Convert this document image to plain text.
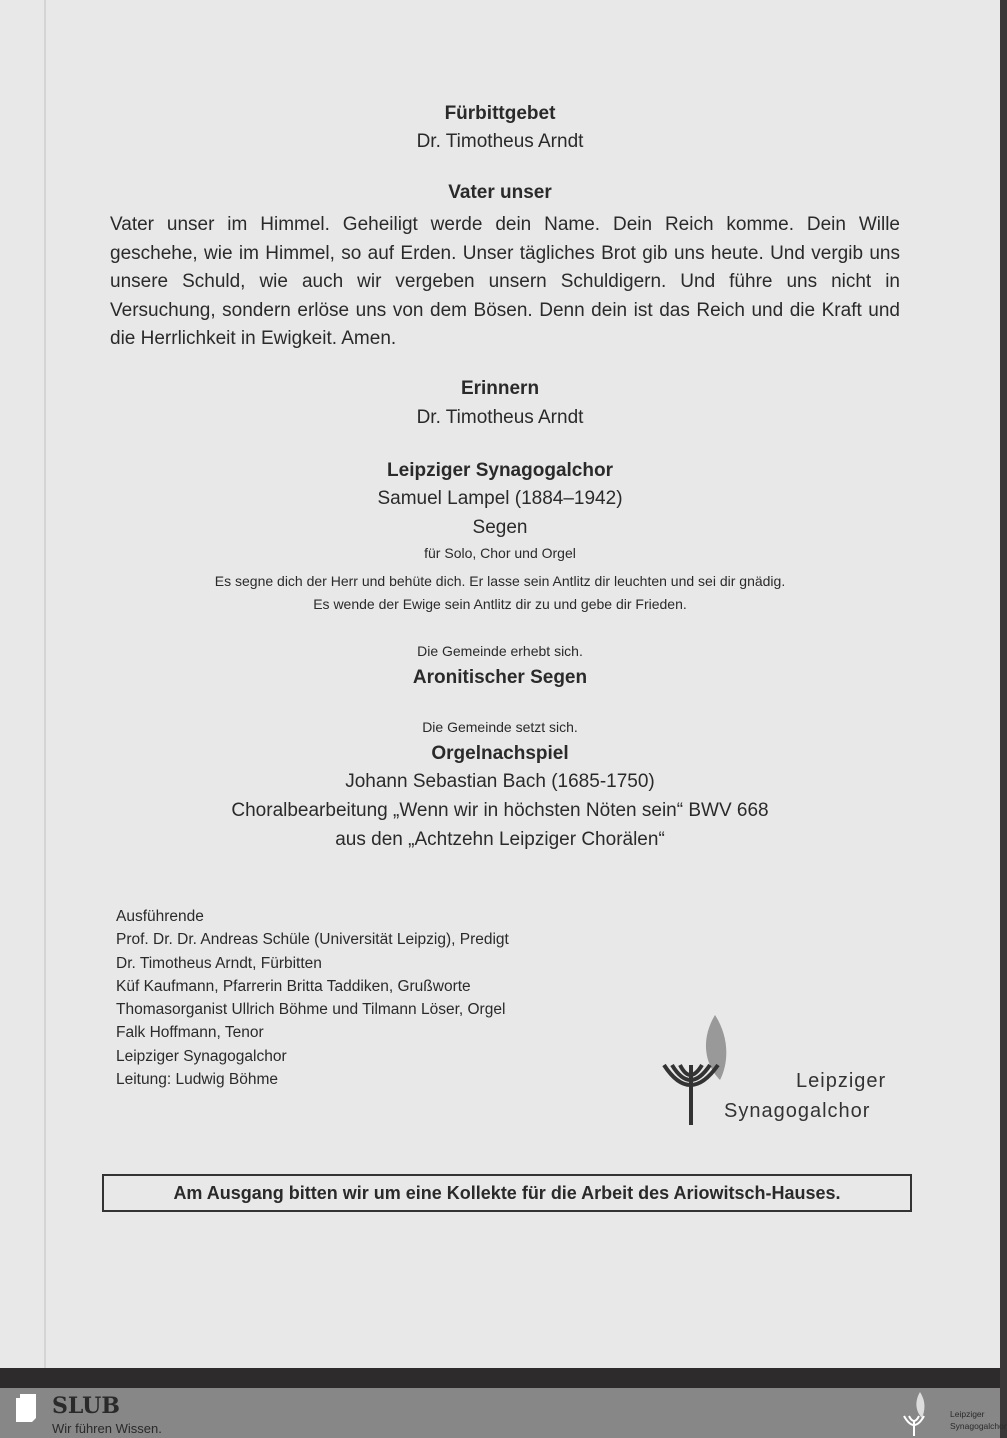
Fürbittgebet
Dr. Timotheus Arndt
Vater unser
Vater unser im Himmel. Geheiligt werde dein Name. Dein Reich komme. Dein Wille geschehe, wie im Himmel, so auf Erden. Unser tägliches Brot gib uns heute. Und vergib uns unsere Schuld, wie auch wir vergeben unsern Schuldigern. Und führe uns nicht in Versuchung, sondern erlöse uns von dem Bösen. Denn dein ist das Reich und die Kraft und die Herrlichkeit in Ewigkeit. Amen.
Erinnern
Dr. Timotheus Arndt
Leipziger Synagogalchor
Samuel Lampel (1884–1942)
Segen
für Solo, Chor und Orgel
Es segne dich der Herr und behüte dich. Er lasse sein Antlitz dir leuchten und sei dir gnädig.
Es wende der Ewige sein Antlitz dir zu und gebe dir Frieden.
Die Gemeinde erhebt sich.
Aronitischer Segen
Die Gemeinde setzt sich.
Orgelnachspiel
Johann Sebastian Bach (1685-1750)
Choralbearbeitung „Wenn wir in höchsten Nöten sein“ BWV 668
aus den „Achtzehn Leipziger Chorälen“
Ausführende
Prof. Dr. Dr. Andreas Schüle (Universität Leipzig), Predigt
Dr. Timotheus Arndt, Fürbitten
Küf Kaufmann, Pfarrerin Britta Taddiken, Grußworte
Thomasorganist Ullrich Böhme und Tilmann Löser, Orgel
Falk Hoffmann, Tenor
Leipziger Synagogalchor
Leitung: Ludwig Böhme	Leipziger
Synagogalchor
Am Ausgang bitten wir um eine Kollekte für die Arbeit des Ariowitsch-Hauses.
SLUB
Wir führen Wissen.
Leipziger
Synagogalchor
